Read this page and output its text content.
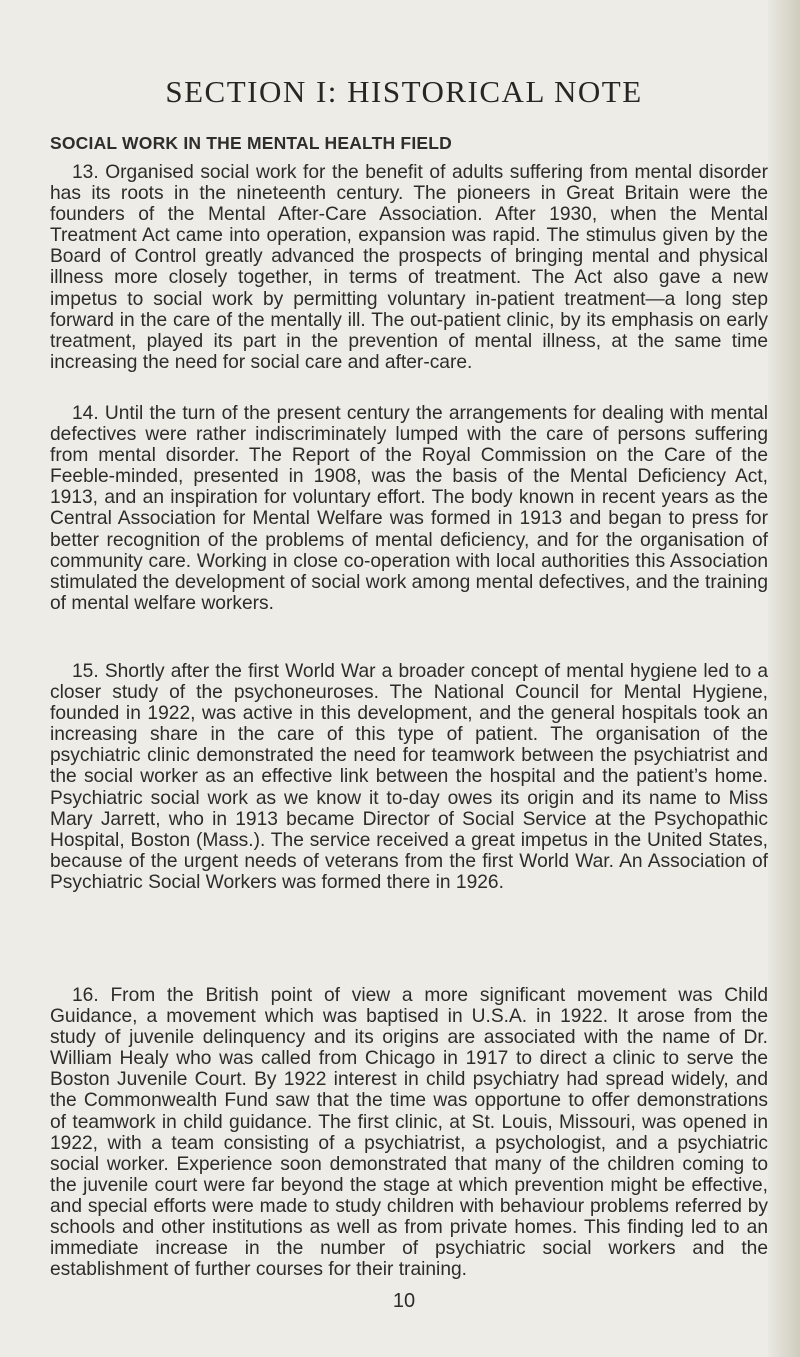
SECTION I: HISTORICAL NOTE
SOCIAL WORK IN THE MENTAL HEALTH FIELD

13. Organised social work for the benefit of adults suffering from mental disorder has its roots in the nineteenth century. The pioneers in Great Britain were the founders of the Mental After-Care Association. After 1930, when the Mental Treatment Act came into operation, expansion was rapid. The stimulus given by the Board of Control greatly advanced the prospects of bringing mental and physical illness more closely together, in terms of treatment. The Act also gave a new impetus to social work by permitting voluntary in-patient treatment—a long step forward in the care of the mentally ill. The out-patient clinic, by its emphasis on early treatment, played its part in the prevention of mental illness, at the same time increasing the need for social care and after-care.

14. Until the turn of the present century the arrangements for dealing with mental defectives were rather indiscriminately lumped with the care of persons suffering from mental disorder. The Report of the Royal Commission on the Care of the Feeble-minded, presented in 1908, was the basis of the Mental Deficiency Act, 1913, and an inspiration for voluntary effort. The body known in recent years as the Central Association for Mental Welfare was formed in 1913 and began to press for better recognition of the problems of mental deficiency, and for the organisation of community care. Working in close co-operation with local authorities this Association stimulated the development of social work among mental defectives, and the training of mental welfare workers.

15. Shortly after the first World War a broader concept of mental hygiene led to a closer study of the psychoneuroses. The National Council for Mental Hygiene, founded in 1922, was active in this development, and the general hospitals took an increasing share in the care of this type of patient. The organisation of the psychiatric clinic demonstrated the need for teamwork between the psychiatrist and the social worker as an effective link between the hospital and the patient’s home. Psychiatric social work as we know it to-day owes its origin and its name to Miss Mary Jarrett, who in 1913 became Director of Social Service at the Psychopathic Hospital, Boston (Mass.). The service received a great impetus in the United States, because of the urgent needs of veterans from the first World War. An Association of Psychiatric Social Workers was formed there in 1926.

16. From the British point of view a more significant movement was Child Guidance, a movement which was baptised in U.S.A. in 1922. It arose from the study of juvenile delinquency and its origins are associated with the name of Dr. William Healy who was called from Chicago in 1917 to direct a clinic to serve the Boston Juvenile Court. By 1922 interest in child psychiatry had spread widely, and the Commonwealth Fund saw that the time was opportune to offer demonstrations of teamwork in child guidance. The first clinic, at St. Louis, Missouri, was opened in 1922, with a team consisting of a psychiatrist, a psychologist, and a psychiatric social worker. Experience soon demonstrated that many of the children coming to the juvenile court were far beyond the stage at which prevention might be effective, and special efforts were made to study children with behaviour problems referred by schools and other institutions as well as from private homes. This finding led to an immediate increase in the number of psychiatric social workers and the establishment of further courses for their training.

10
